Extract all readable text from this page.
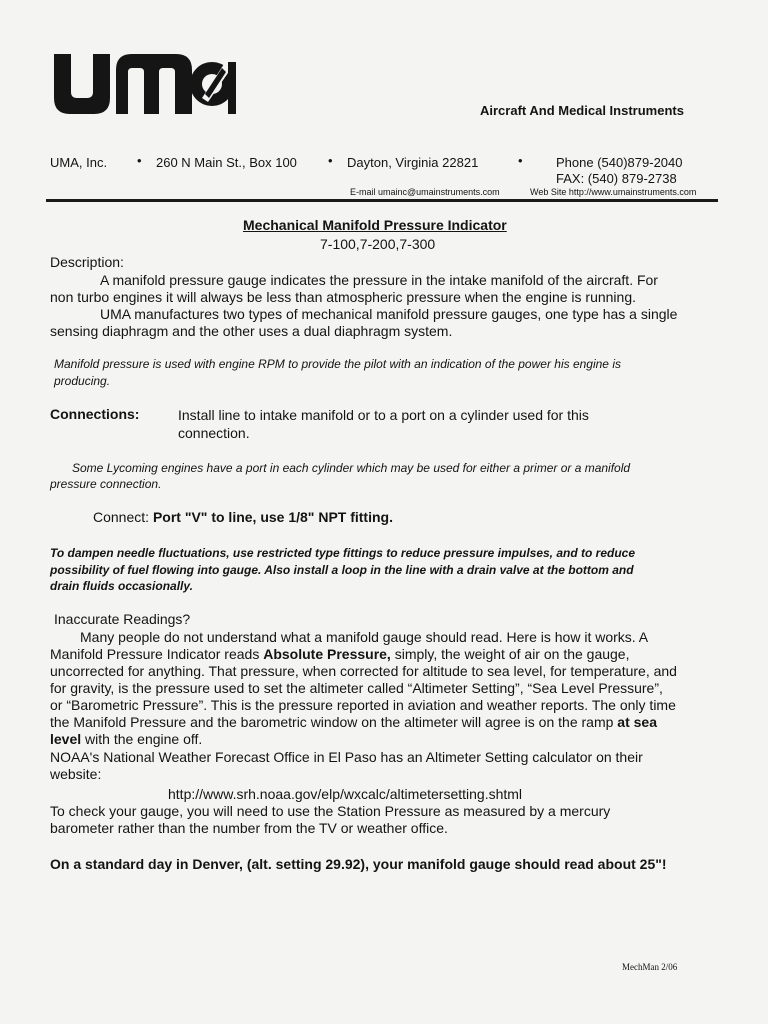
Aircraft And Medical Instruments
UMA, Inc. • 260 N Main St., Box 100 • Dayton, Virginia 22821	•	Phone (540)879-2040
FAX: (540) 879-2738
E-mail umainc@umainstruments.com	Web Site http://www.umainstruments.com
Mechanical Manifold Pressure Indicator
7-100,7-200,7-300
Description:
A manifold pressure gauge indicates the pressure in the intake manifold of the aircraft. For
non turbo engines it will always be less than atmospheric pressure when the engine is running.
UMA manufactures two types of mechanical manifold pressure gauges, one type has a single
sensing diaphragm and the other uses a dual diaphragm system.
Manifold pressure is used with engine RPM to provide the pilot with an indication of the power his engine is
producing.
Connections:	Install line to intake manifold or to a port on a cylinder used for this
connection.
Some Lycoming engines have a port in each cylinder which may be used for either a primer or a manifold
pressure connection.
Connect: Port "V" to line, use 1/8" NPT fitting.
To dampen needle fluctuations, use restricted type fittings to reduce pressure impulses, and to reduce
possibility of fuel flowing into gauge. Also install a loop in the line with a drain valve at the bottom and
drain fluids occasionally.
Inaccurate Readings?
Many people do not understand what a manifold gauge should read. Here is how it works. A
Manifold Pressure Indicator reads Absolute Pressure, simply, the weight of air on the gauge,
uncorrected for anything. That pressure, when corrected for altitude to sea level, for temperature, and
for gravity, is the pressure used to set the altimeter called “Altimeter Setting”, “Sea Level Pressure”,
or “Barometric Pressure”. This is the pressure reported in aviation and weather reports. The only time
the Manifold Pressure and the barometric window on the altimeter will agree is on the ramp at sea
level with the engine off.
NOAA's National Weather Forecast Office in El Paso has an Altimeter Setting calculator on their
website:
http://www.srh.noaa.gov/elp/wxcalc/altimetersetting.shtml
To check your gauge, you will need to use the Station Pressure as measured by a mercury
barometer rather than the number from the TV or weather office.
On a standard day in Denver, (alt. setting 29.92), your manifold gauge should read about 25"!
MechMan 2/06
